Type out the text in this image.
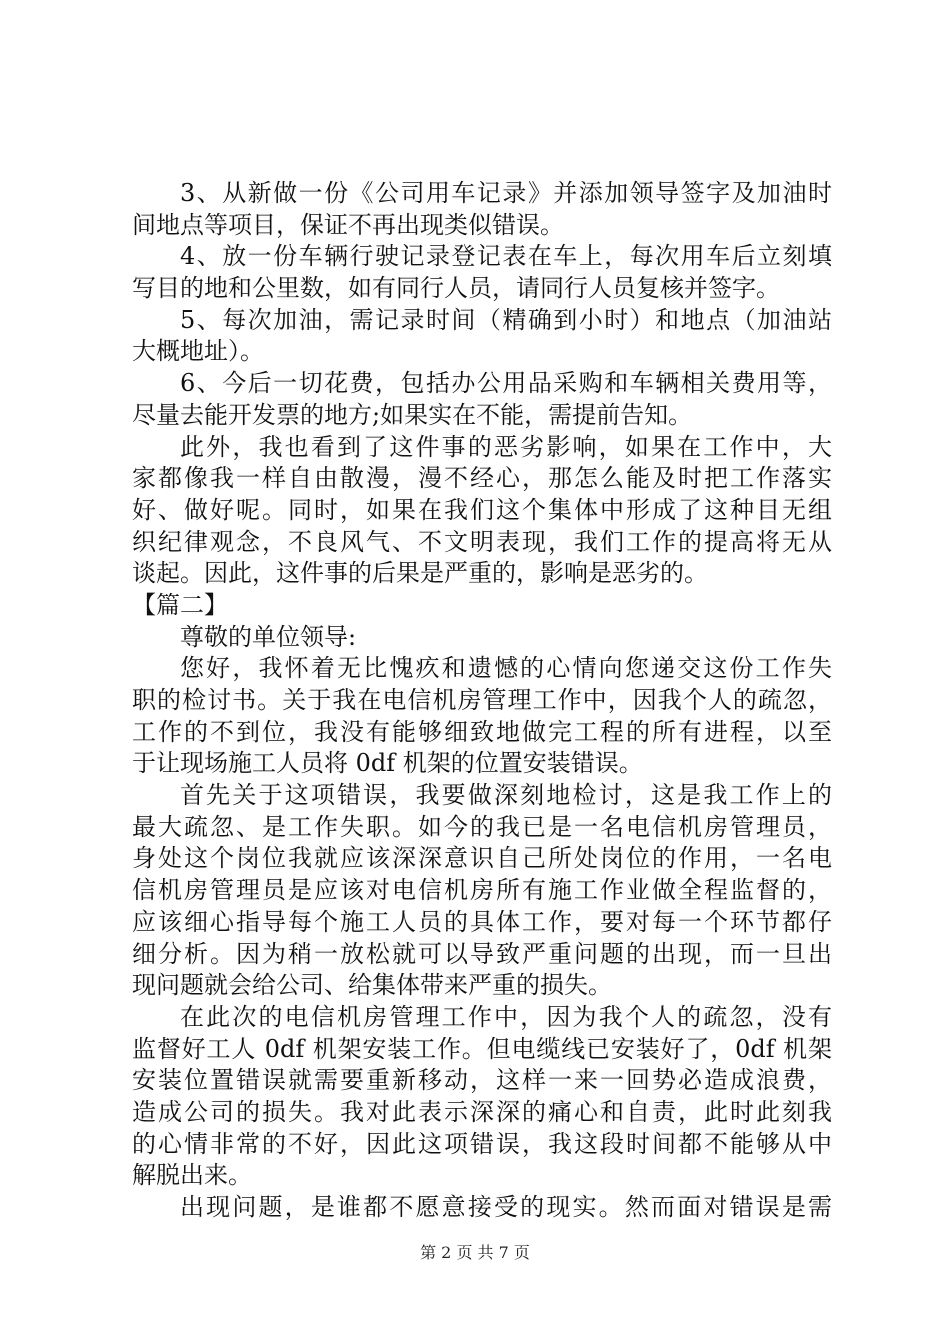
3、从新做一份《公司用车记录》并添加领导签字及加油时
间地点等项目，保证不再出现类似错误。
4、放一份车辆行驶记录登记表在车上，每次用车后立刻填
写目的地和公里数，如有同行人员，请同行人员复核并签字。
5、每次加油，需记录时间（精确到小时）和地点（加油站
大概地址）。
6、今后一切花费，包括办公用品采购和车辆相关费用等，
尽量去能开发票的地方;如果实在不能，需提前告知。
此外，我也看到了这件事的恶劣影响，如果在工作中，大
家都像我一样自由散漫，漫不经心，那怎么能及时把工作落实
好、做好呢。同时，如果在我们这个集体中形成了这种目无组
织纪律观念，不良风气、不文明表现，我们工作的提高将无从
谈起。因此，这件事的后果是严重的，影响是恶劣的。
【篇二】
尊敬的单位领导:
您好，我怀着无比愧疚和遗憾的心情向您递交这份工作失
职的检讨书。关于我在电信机房管理工作中，因我个人的疏忽，
工作的不到位，我没有能够细致地做完工程的所有进程，以至
于让现场施工人员将 0df 机架的位置安装错误。
首先关于这项错误，我要做深刻地检讨，这是我工作上的
最大疏忽、是工作失职。如今的我已是一名电信机房管理员，
身处这个岗位我就应该深深意识自己所处岗位的作用，一名电
信机房管理员是应该对电信机房所有施工作业做全程监督的，
应该细心指导每个施工人员的具体工作，要对每一个环节都仔
细分析。因为稍一放松就可以导致严重问题的出现，而一旦出
现问题就会给公司、给集体带来严重的损失。
在此次的电信机房管理工作中，因为我个人的疏忽，没有
监督好工人 0df 机架安装工作。但电缆线已安装好了，0df 机架
安装位置错误就需要重新移动，这样一来一回势必造成浪费，
造成公司的损失。我对此表示深深的痛心和自责，此时此刻我
的心情非常的不好，因此这项错误，我这段时间都不能够从中
解脱出来。
出现问题，是谁都不愿意接受的现实。然而面对错误是需
第 2 页 共 7 页
